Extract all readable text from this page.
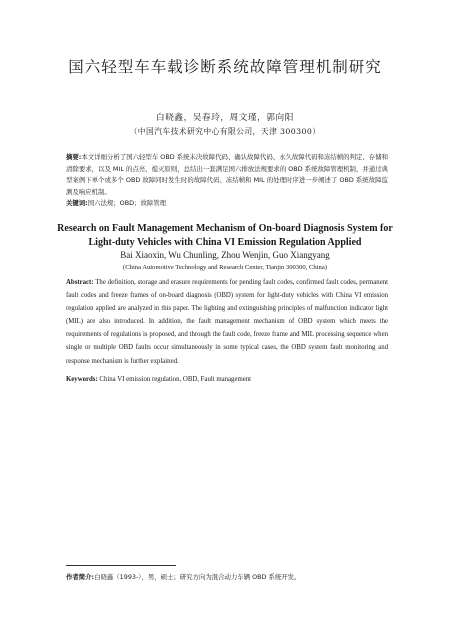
国六轻型车车载诊断系统故障管理机制研究
白晓鑫，吴春玲，周文瑾，郭向阳
（中国汽车技术研究中心有限公司，天津 300300）
摘要:本文详细分析了国六轻型车 OBD 系统未决故障代码、确认故障代码、永久故障代码和冻结帧的判定、存储和清除要求，以及 MIL 的点亮、熄灭原则，总结出一套满足国六排放法规要求的 OBD 系统故障管理机制，并通过典型案例下单个或多个 OBD 故障同时发生时的故障代码、冻结帧和 MIL 的处理时序进一步阐述了 OBD 系统故障监测及响应机制。
关键词:国六法规；OBD；故障管理
Research on Fault Management Mechanism of On-board Diagnosis System for Light-duty Vehicles with China VI Emission Regulation Applied
Bai Xiaoxin, Wu Chunling, Zhou Wenjin, Guo Xiangyang
(China Automotive Technology and Research Center, Tianjin 300300, China)
Abstract: The definition, storage and erasure requirements for pending fault codes, confirmed fault codes, permanent fault codes and freeze frames of on-board diagnosis (OBD) system for light-duty vehicles with China VI emission regulation applied are analyzed in this paper. The lighting and extinguishing principles of malfunction indicator light (MIL) are also introduced. In addition, the fault management mechanism of OBD system which meets the requirements of regulations is proposed, and through the fault code, freeze frame and MIL processing sequence when single or multiple OBD faults occur simultaneously in some typical cases, the OBD system fault monitoring and response mechanism is further explained.
Keywords: China VI emission regulation, OBD, Fault management
作者简介:白晓鑫（1993-），男，硕士；研究方向为混合动力车辆 OBD 系统开发。
